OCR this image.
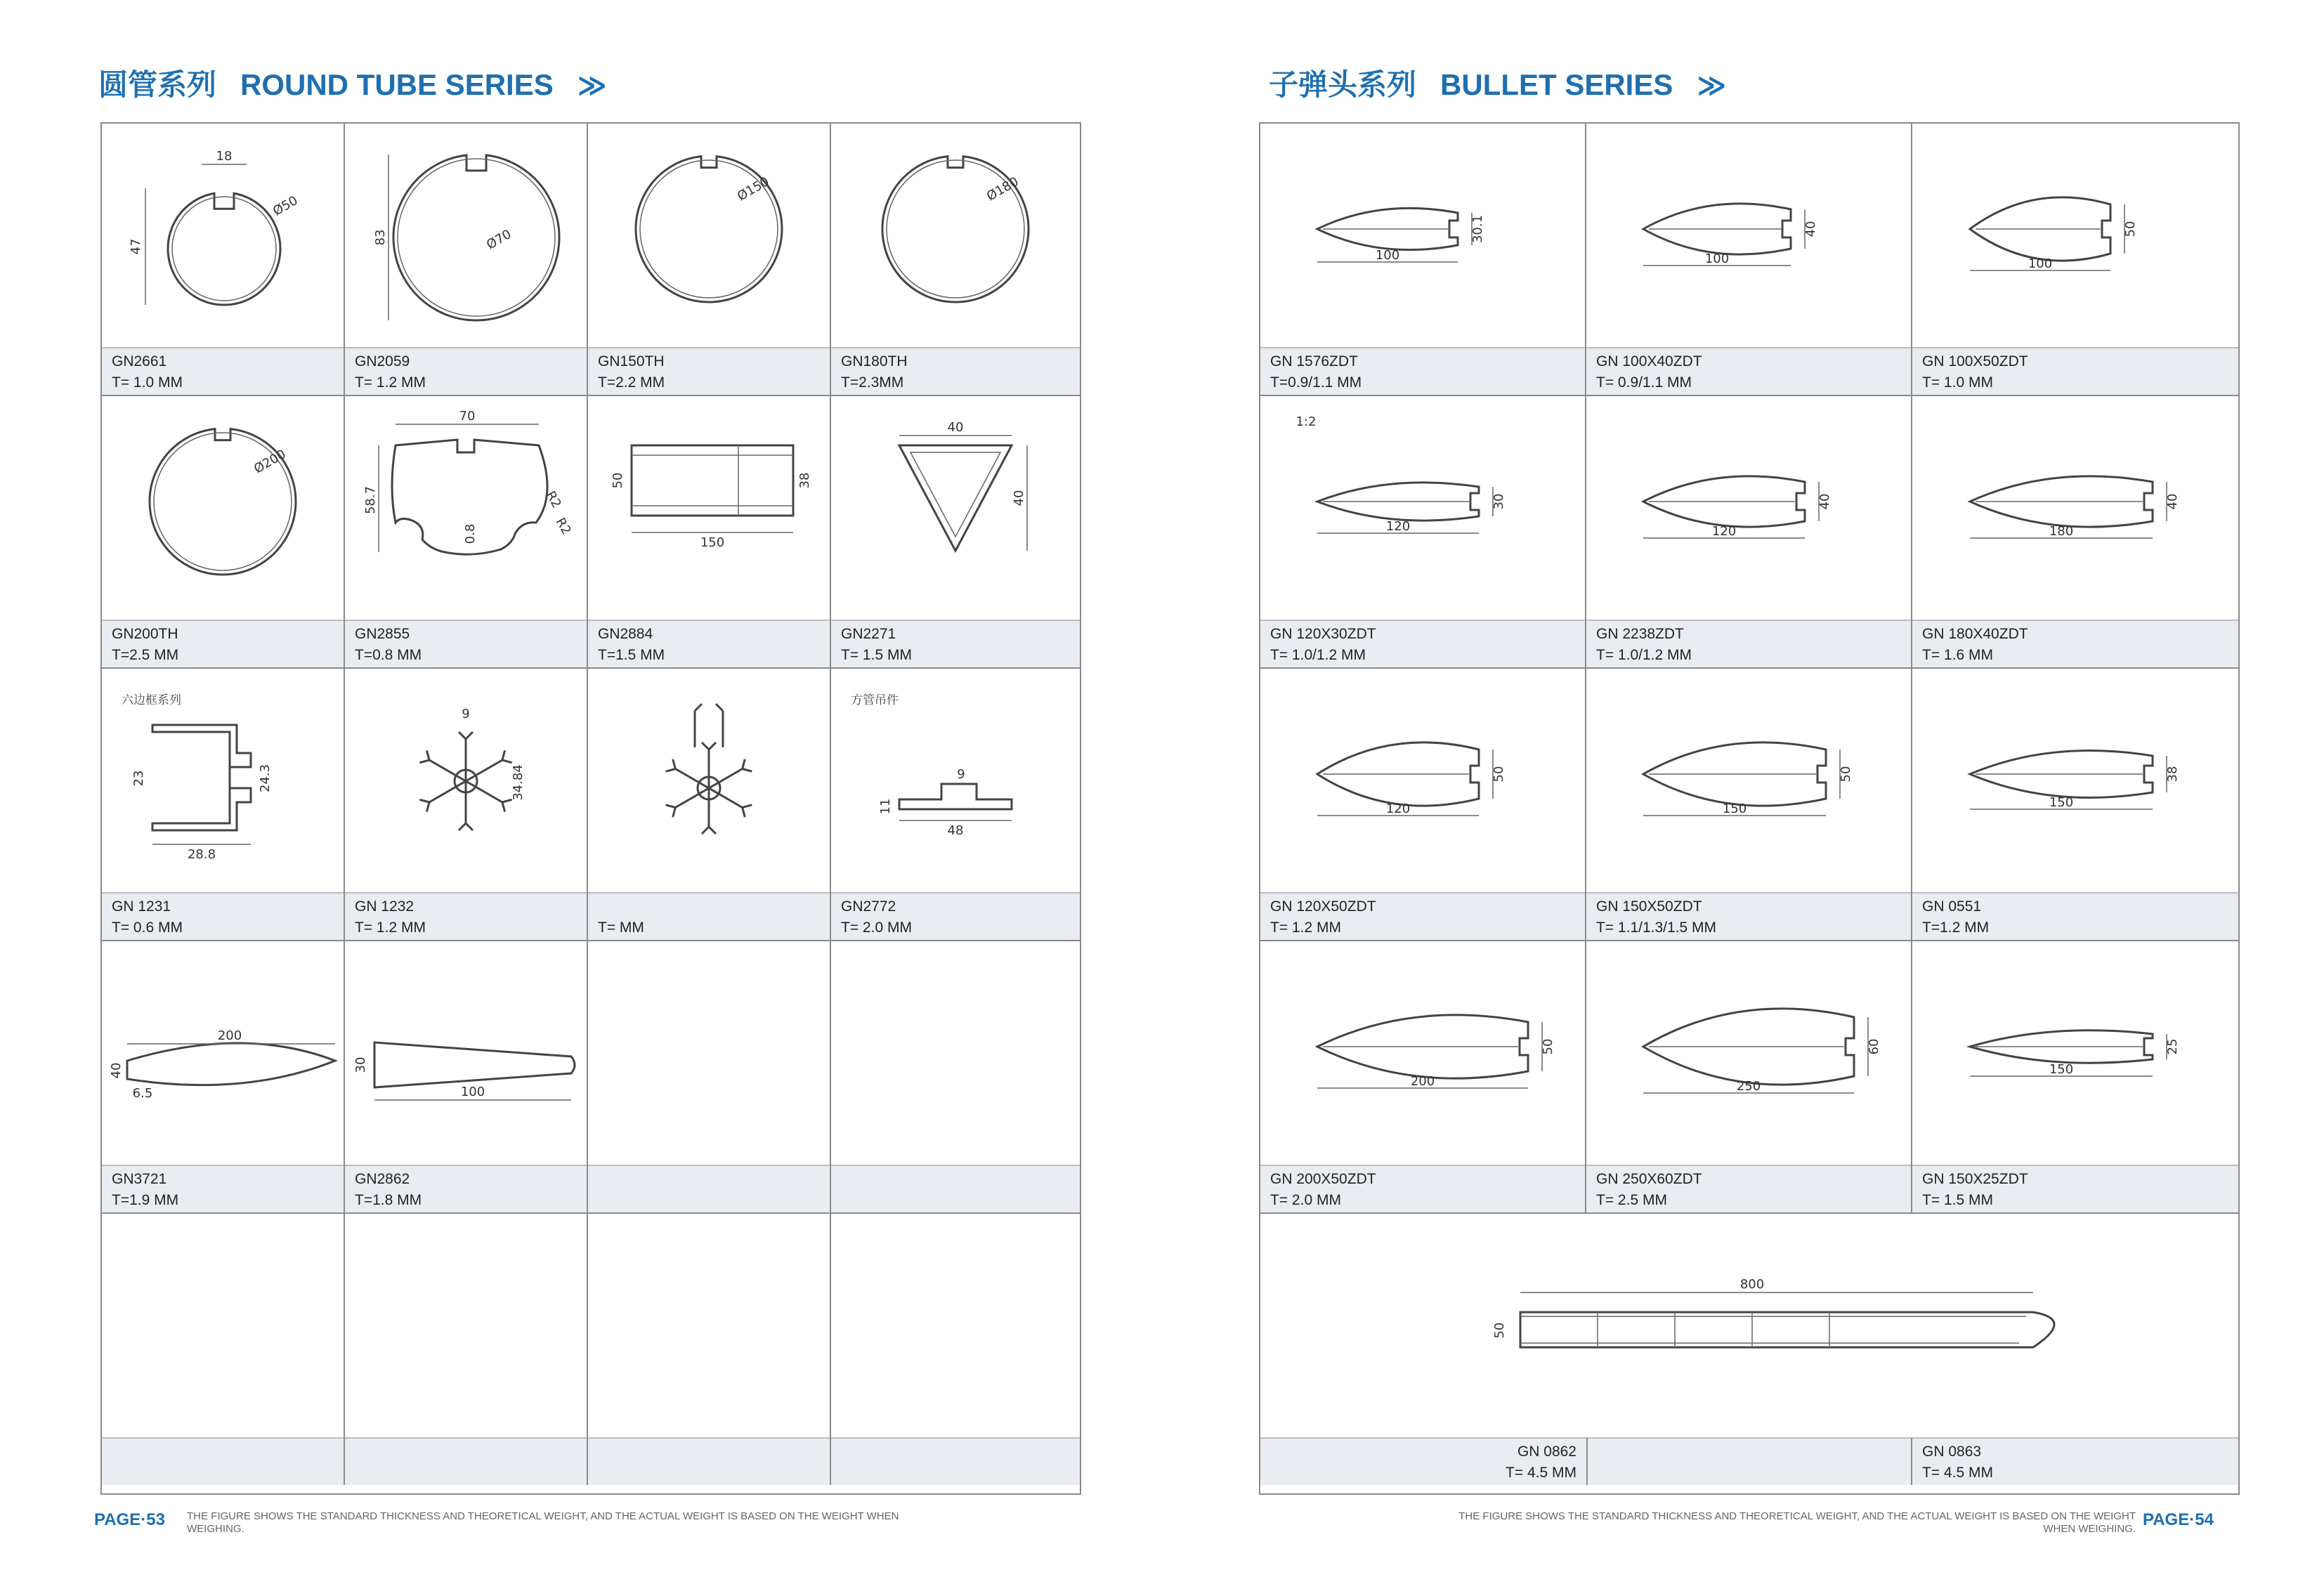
圆管系列 ROUND TUBE SERIES ≫
18
47
Ø50
GN2661
T= 1.0 MM
83	Ø70
GN2059
T= 1.2 MM
Ø150
GN150TH
T=2.2 MM
Ø180
GN180TH
T=2.3MM
Ø200
GN200TH
T=2.5 MM
70
58.7	R2
R2
0.8
GN2855
T=0.8 MM
50	38
150
GN2884
T=1.5 MM
40
40
GN2271
T= 1.5 MM
六边框系列
23	24.3
28.8
GN 1231
T= 0.6 MM
9
34.84
GN 1232
T= 1.2 MM	T= MM
方管吊件
9
11
48
GN2772
T= 2.0 MM
200
40
6.5
GN3721
T=1.9 MM
30
100
GN2862
T=1.8 MM
子弹头系列 BULLET SERIES ≫
100
30.1
GN 1576ZDT
T=0.9/1.1 MM
100
40
GN 100X40ZDT
T= 0.9/1.1 MM
100
50
GN 100X50ZDT
T= 1.0 MM
120
30
1:2
GN 120X30ZDT
T= 1.0/1.2 MM
120
40
GN 2238ZDT
T= 1.0/1.2 MM
180
40
GN 180X40ZDT
T= 1.6 MM
120
50
GN 120X50ZDT
T= 1.2 MM
150
50
GN 150X50ZDT
T= 1.1/1.3/1.5 MM
150
38
GN 0551
T=1.2 MM
200
50
GN 200X50ZDT
T= 2.0 MM
250
60
GN 250X60ZDT
T= 2.5 MM
150
25
GN 150X25ZDT
T= 1.5 MM
800
50
GN 0862
T= 4.5 MM
GN 0863
T= 4.5 MM
PAGE·53 THE FIGURE SHOWS THE STANDARD THICKNESS AND THEORETICAL WEIGHT, AND THE ACTUAL WEIGHT IS BASED ON THE WEIGHT WHEN WEIGHING.
THE FIGURE SHOWS THE STANDARD THICKNESS AND THEORETICAL WEIGHT, AND THE ACTUAL WEIGHT IS BASED ON THE WEIGHT WHEN WEIGHING. PAGE·54
